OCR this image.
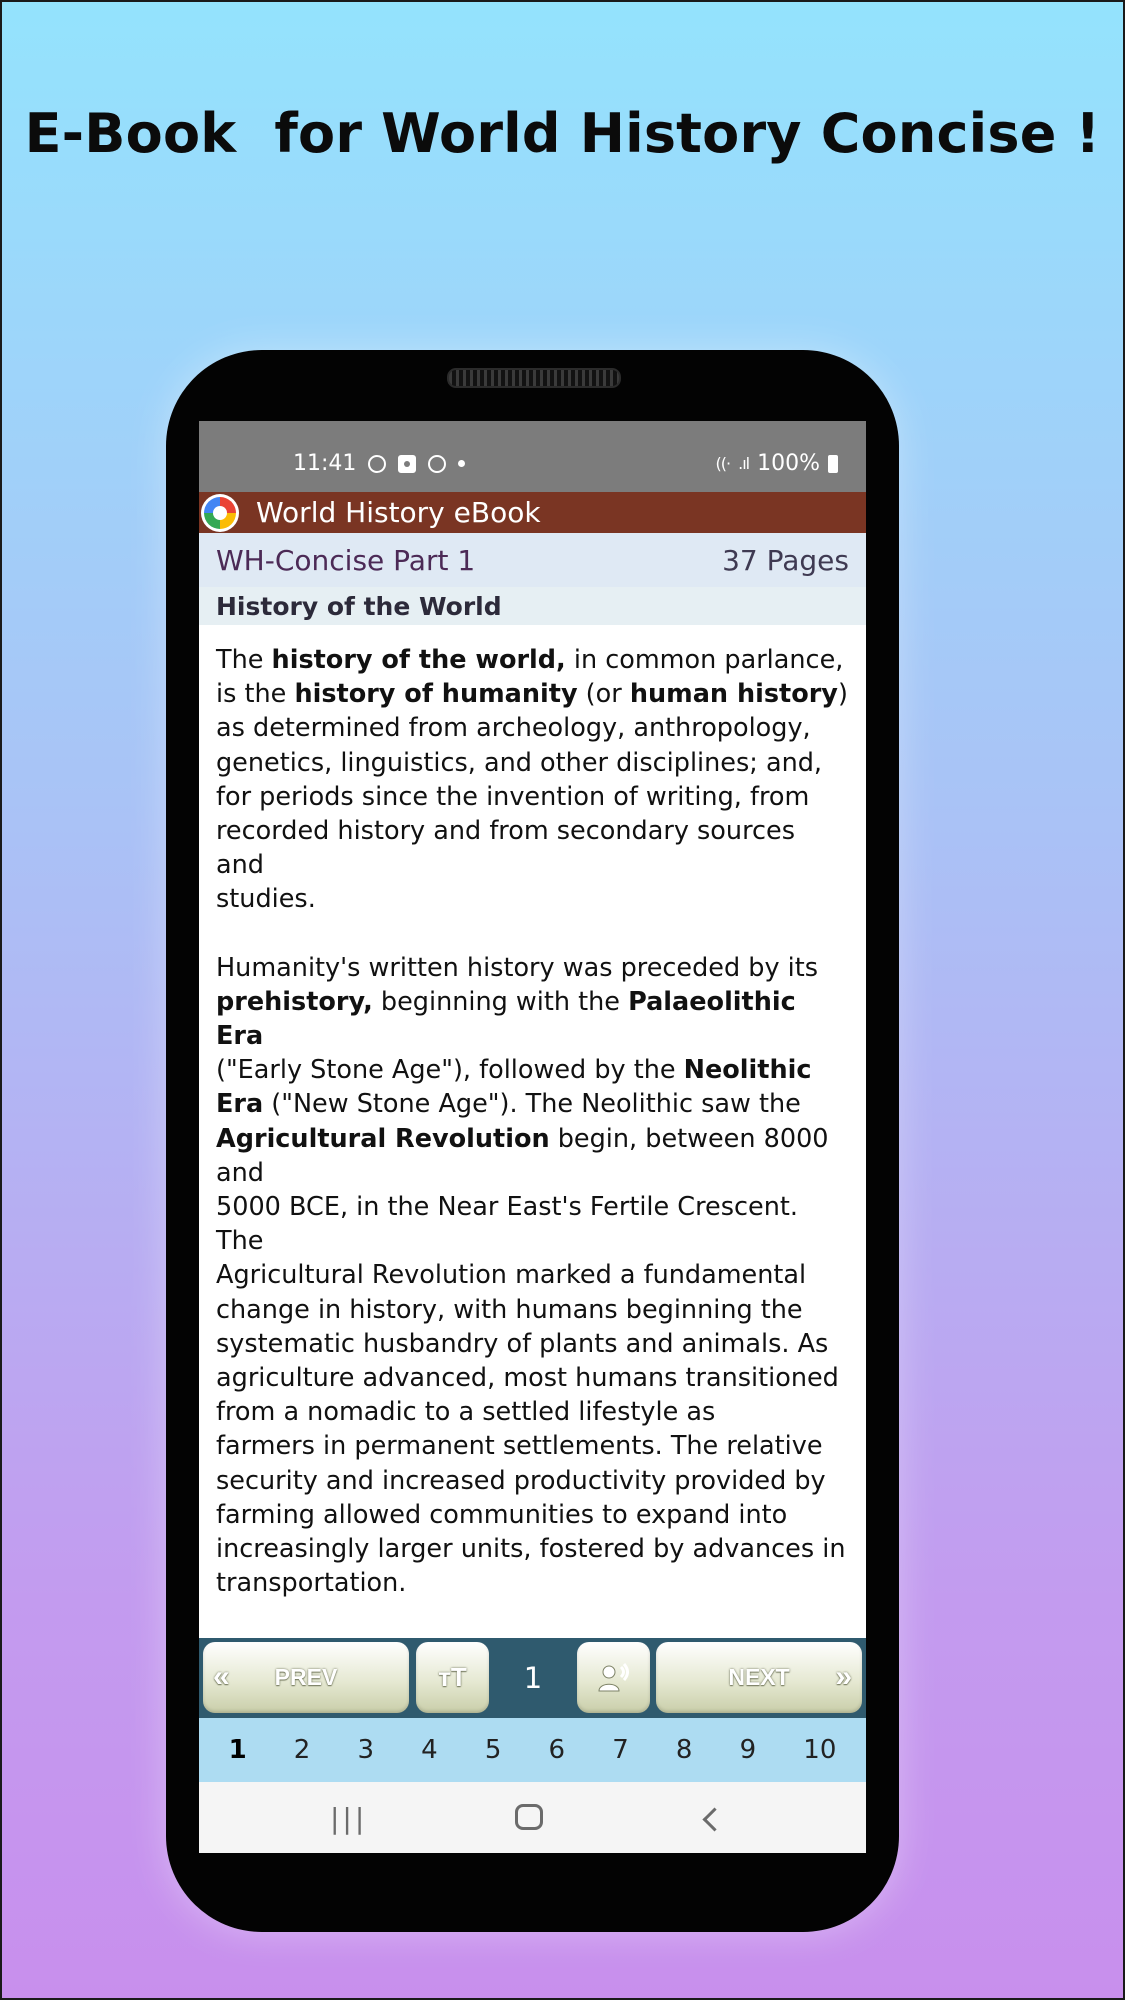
E-Book  for World History Concise !
11:41	((· .ıl 100%
World History eBook
WH-Concise Part 1	37 Pages
History of the World

The history of the world, in common parlance,
is the history of humanity (or human history)
as determined from archeology, anthropology,
genetics, linguistics, and other disciplines; and,
for periods since the invention of writing, from
recorded history and from secondary sources and
studies.

Humanity's written history was preceded by its
prehistory, beginning with the Palaeolithic Era
("Early Stone Age"), followed by the Neolithic
Era ("New Stone Age"). The Neolithic saw the
Agricultural Revolution begin, between 8000 and
5000 BCE, in the Near East's Fertile Crescent. The
Agricultural Revolution marked a fundamental
change in history, with humans beginning the
systematic husbandry of plants and animals. As
agriculture advanced, most humans transitioned
from a nomadic to a settled lifestyle as
farmers in permanent settlements. The relative
security and increased productivity provided by
farming allowed communities to expand into
increasingly larger units, fostered by advances in
transportation.

« PREV	тT	1	NEXT »
1 2 3 4 5 6 7 8 9 10
|||
